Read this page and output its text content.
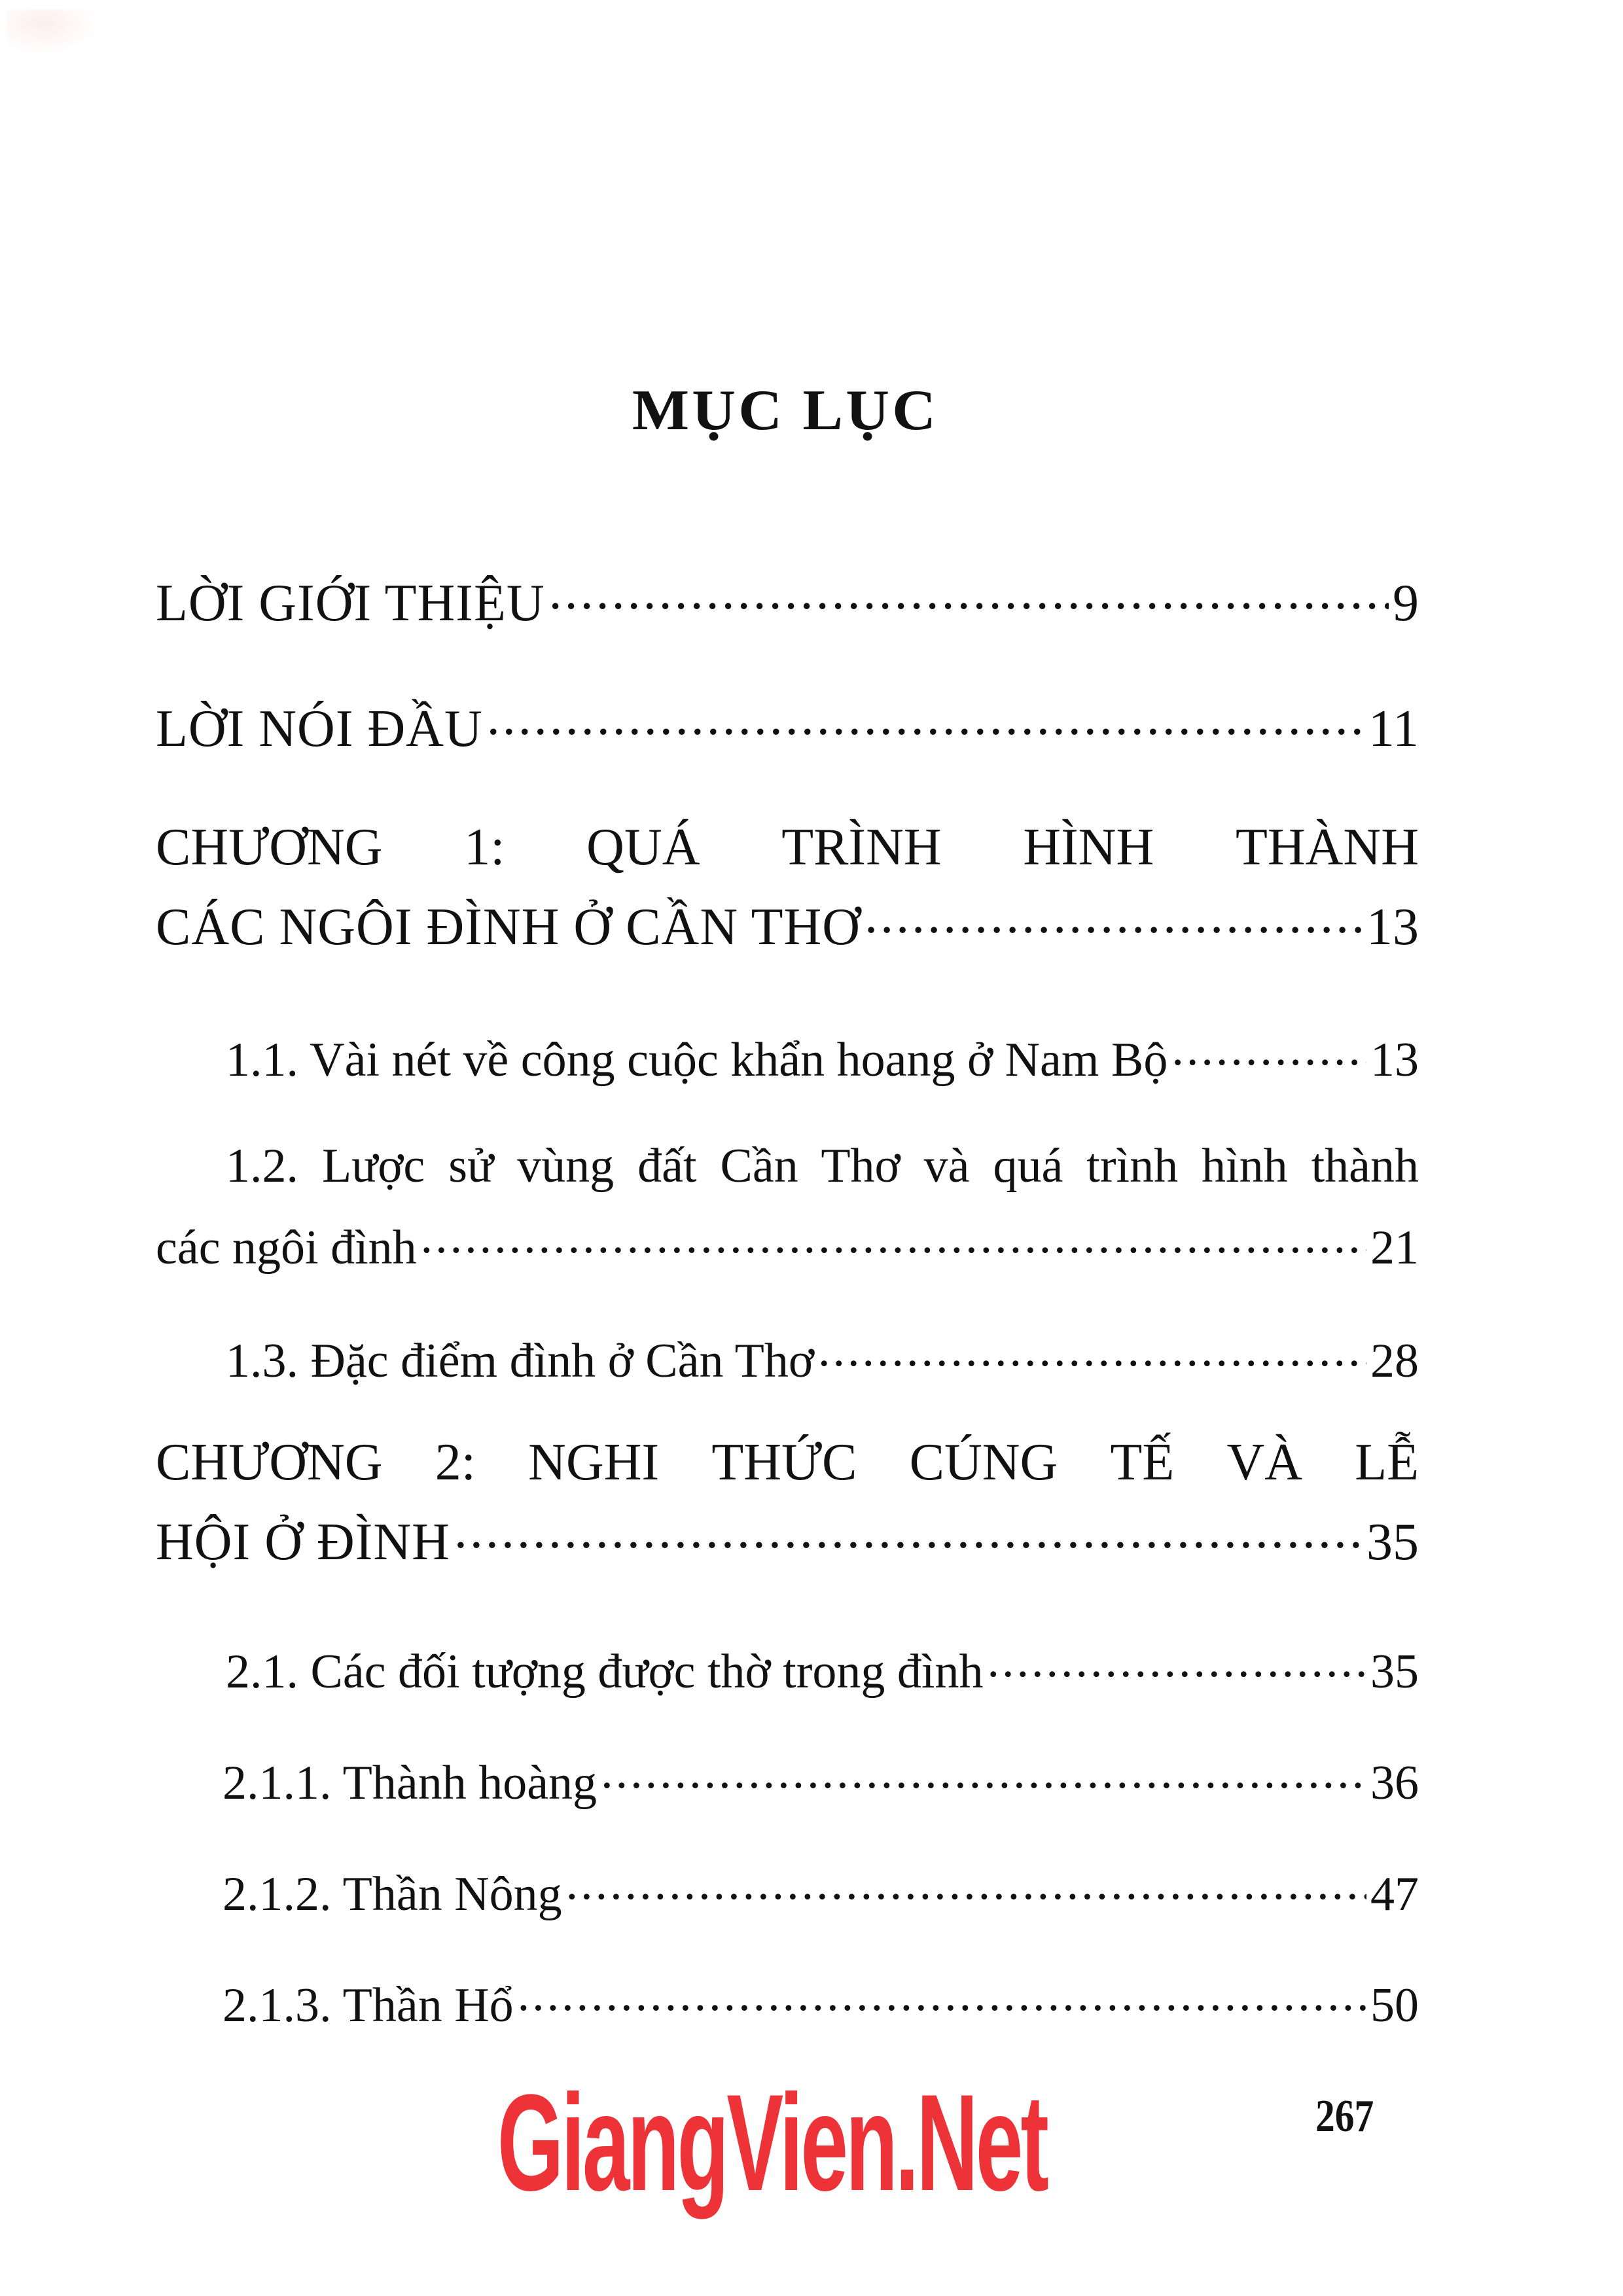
MỤC LỤC
LỜI GIỚI THIỆU .....	9
LỜI NÓI ĐẦU .....	11
CHƯƠNG 1: QUÁ TRÌNH HÌNH THÀNH
CÁC NGÔI ĐÌNH Ở CẦN THƠ .....	13
1.1. Vài nét về công cuộc khẩn hoang ở Nam Bộ .....	13
1.2. Lược sử vùng đất Cần Thơ và quá trình hình thành
các ngôi đình .....	21
1.3. Đặc điểm đình ở Cần Thơ .....	28
CHƯƠNG 2: NGHI THỨC CÚNG TẾ VÀ LỄ
HỘI Ở ĐÌNH .....	35
2.1. Các đối tượng được thờ trong đình .....	35
2.1.1. Thành hoàng .....	36
2.1.2. Thần Nông .....	47
2.1.3. Thần Hổ .....	50
GiangVien.Net	267
